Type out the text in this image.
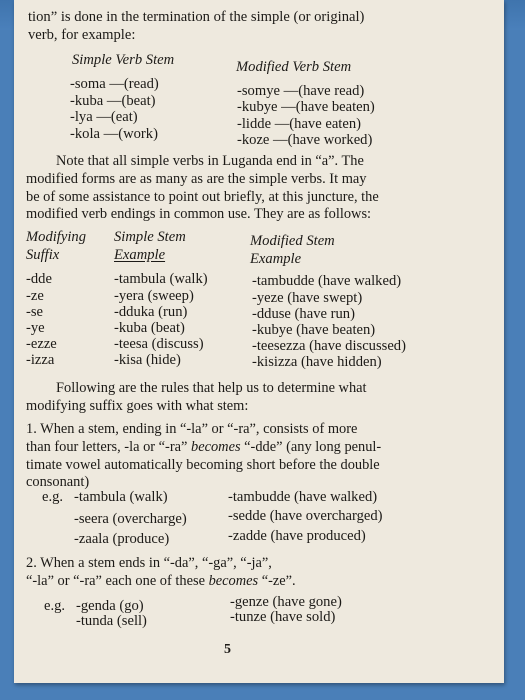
tion” is done in the termination of the simple (or original)
verb, for example:
Simple Verb Stem	Modified Verb Stem
-soma —(read)
-kuba —(beat)
-lya —(eat)
-kola —(work)
-somye —(have read)
-kubye —(have beaten)
-lidde —(have eaten)
-koze —(have worked)
Note that all simple verbs in Luganda end in “a”. The
modified forms are as many as are the simple verbs. It may
be of some assistance to point out briefly, at this juncture, the
modified verb endings in common use. They are as follows:
Modifying
Suffix
Simple Stem
Example
Modified Stem
Example
-dde
-ze
-se
-ye
-ezze
-izza
-tambula (walk)
-yera (sweep)
-dduka (run)
-kuba (beat)
-teesa (discuss)
-kisa (hide)
-tambudde (have walked)
-yeze (have swept)
-dduse (have run)
-kubye (have beaten)
-teesezza (have discussed)
-kisizza (have hidden)
Following are the rules that help us to determine what
modifying suffix goes with what stem:
1. When a stem, ending in “-la” or “-ra”, consists of more
than four letters, -la or “-ra” becomes “-dde” (any long penul-
timate vowel automatically becoming short before the double
consonant)
e.g. -tambula (walk)
-seera (overcharge)
-zaala (produce)
-tambudde (have walked)
-sedde (have overcharged)
-zadde (have produced)
2. When a stem ends in “-da”, “-ga”, “-ja”,
“-la” or “-ra” each one of these becomes “-ze”.
e.g. -genda (go)
-tunda (sell)
-genze (have gone)
-tunze (have sold)
5
